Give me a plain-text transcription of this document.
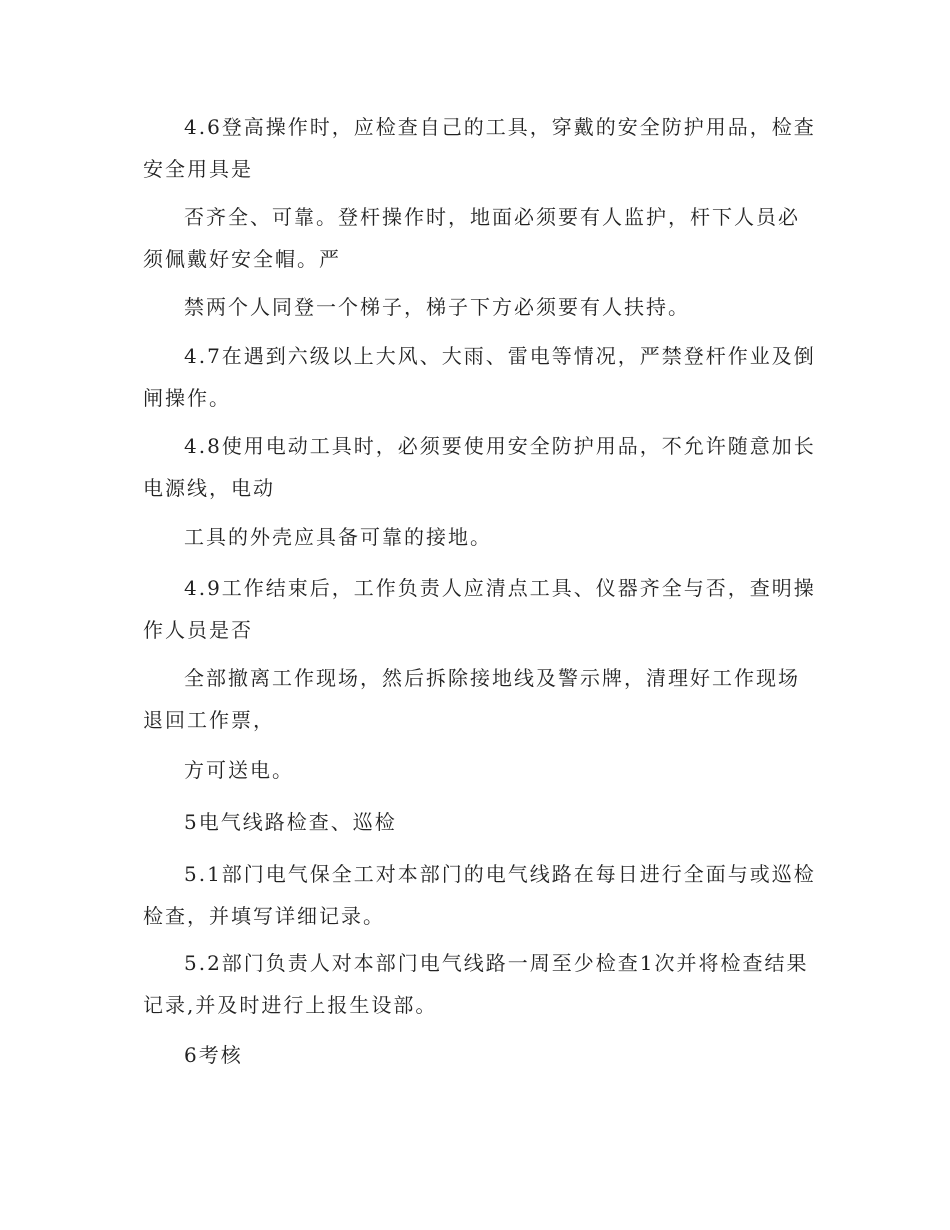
4.6登高操作时，应检查自己的工具，穿戴的安全防护用品，检查
安全用具是
否齐全、可靠。登杆操作时，地面必须要有人监护，杆下人员必
须佩戴好安全帽。严
禁两个人同登一个梯子，梯子下方必须要有人扶持。
4.7在遇到六级以上大风、大雨、雷电等情况，严禁登杆作业及倒
闸操作。
4.8使用电动工具时，必须要使用安全防护用品，不允许随意加长
电源线，电动
工具的外壳应具备可靠的接地。
4.9工作结束后，工作负责人应清点工具、仪器齐全与否，查明操
作人员是否
全部撤离工作现场，然后拆除接地线及警示牌，清理好工作现场
退回工作票，
方可送电。
5电气线路检查、巡检
5.1部门电气保全工对本部门的电气线路在每日进行全面与或巡检
检查，并填写详细记录。
5.2部门负责人对本部门电气线路一周至少检查1次并将检查结果
记录,并及时进行上报生设部。
6考核
